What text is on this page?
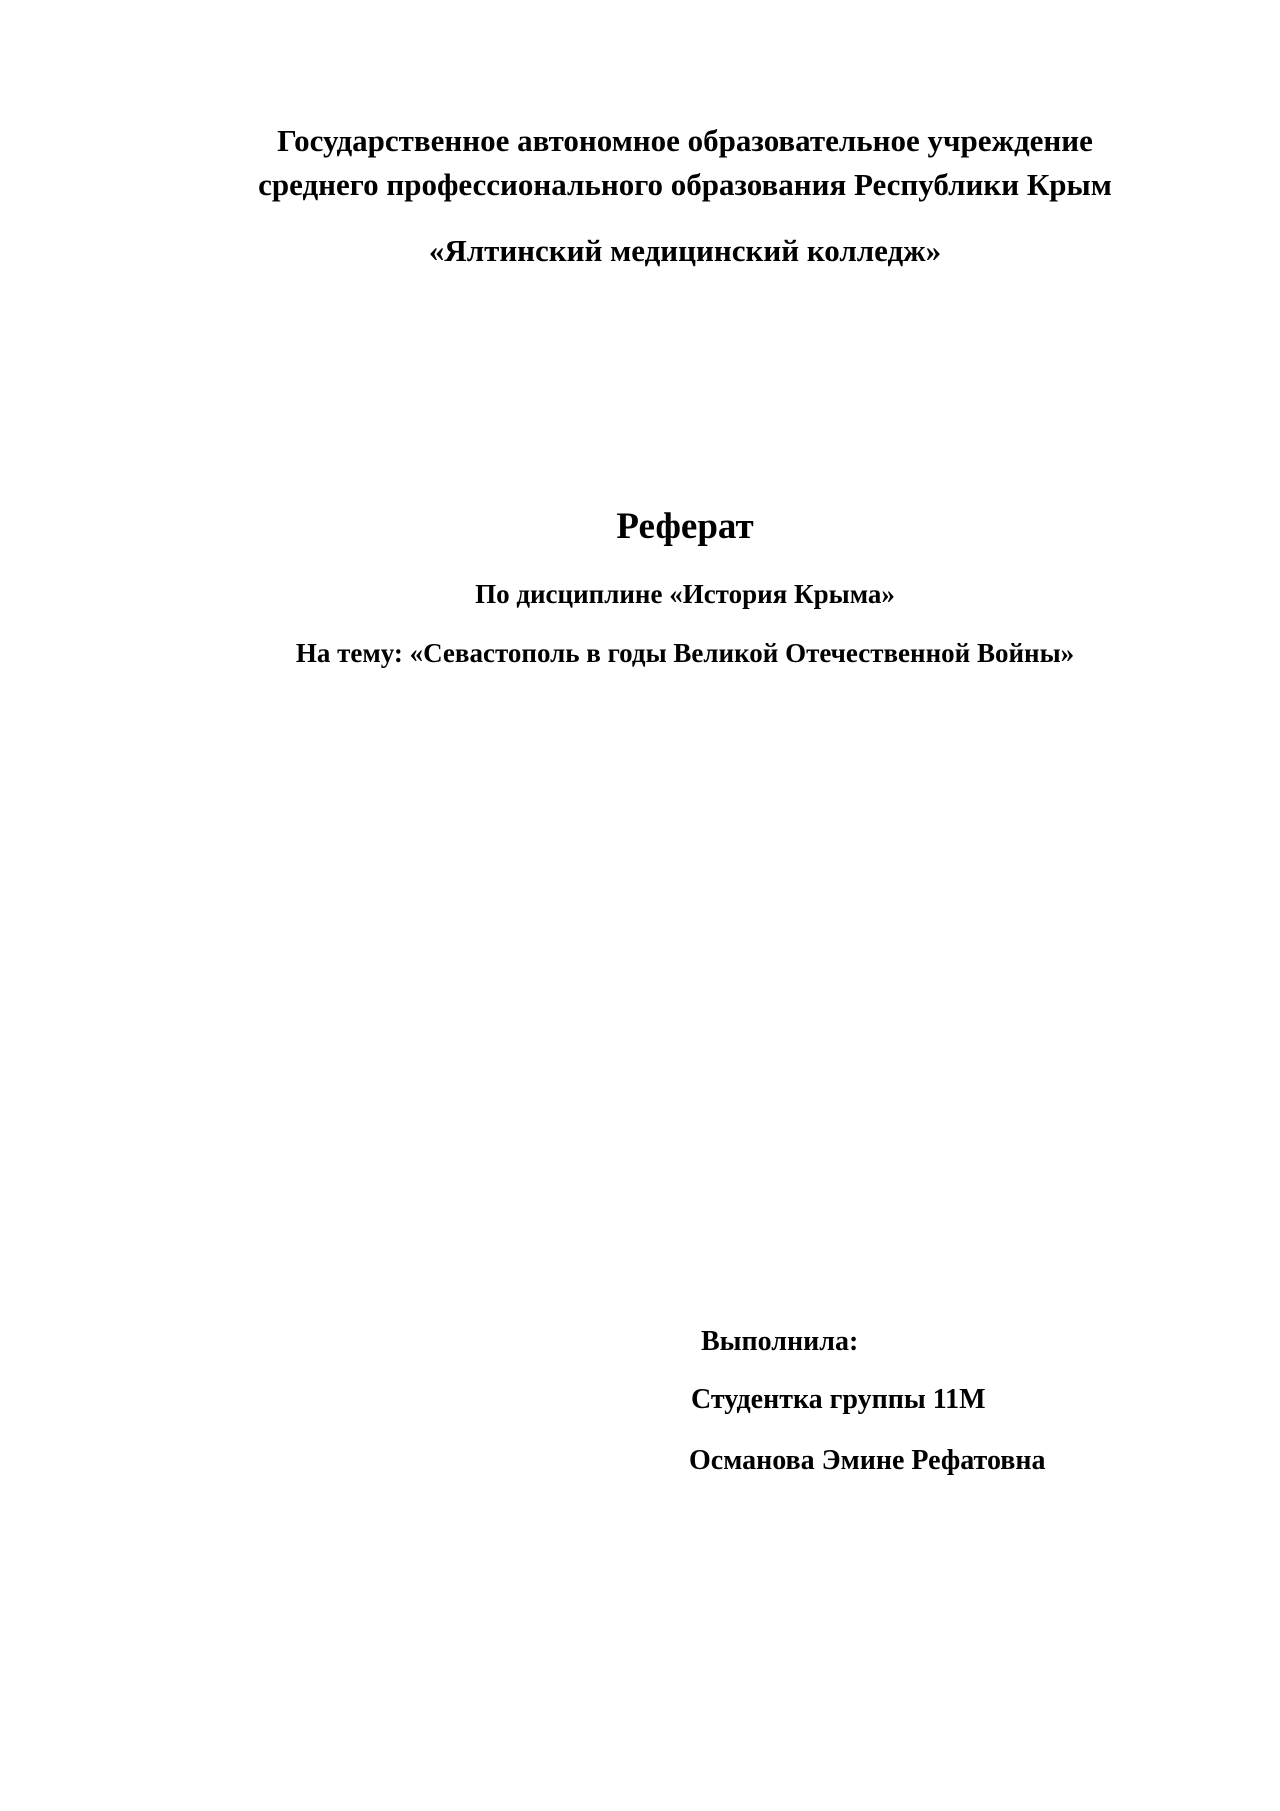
Государственное автономное образовательное учреждение

среднего профессионального образования Республики Крым

«Ялтинский медицинский колледж»

Реферат

По дисциплине «История Крыма»

На тему: «Севастополь в годы Великой Отечественной Войны»

Выполнила:

Студентка группы 11М

Османова Эмине Рефатовна
